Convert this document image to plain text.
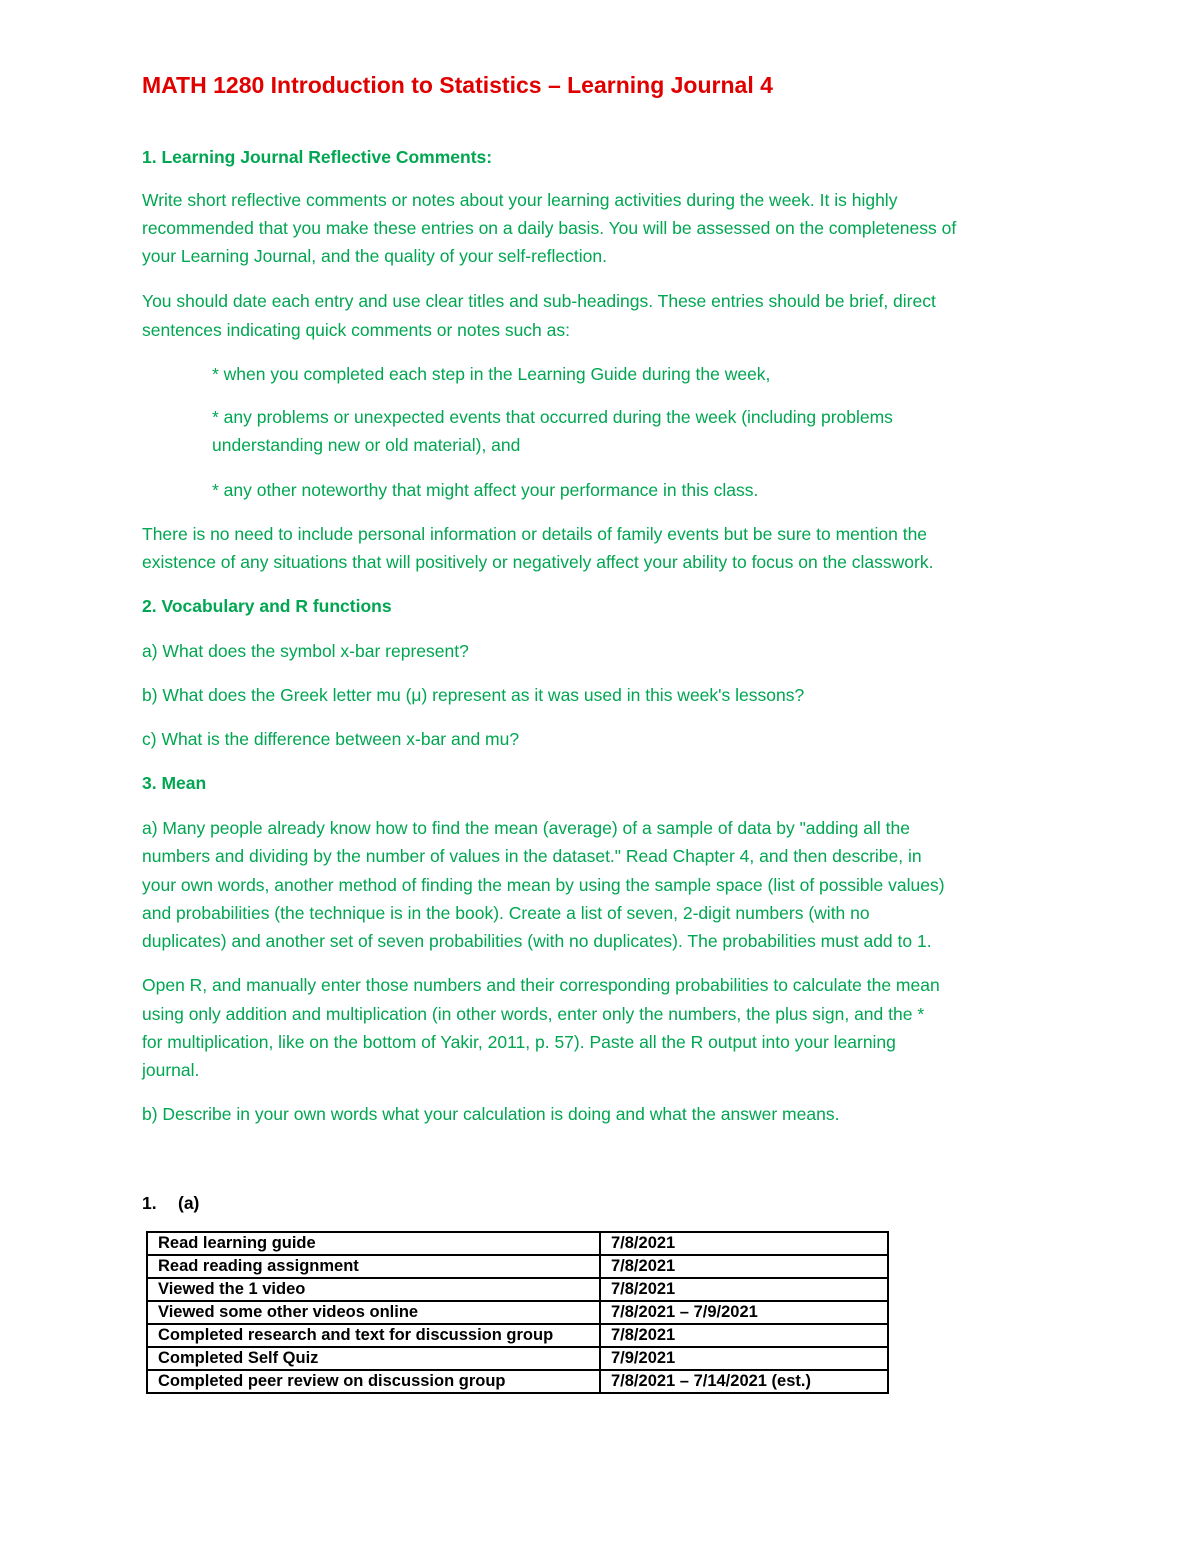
MATH 1280 Introduction to Statistics – Learning Journal 4

1. Learning Journal Reflective Comments:

Write short reflective comments or notes about your learning activities during the week. It is highly

recommended that you make these entries on a daily basis. You will be assessed on the completeness of

your Learning Journal, and the quality of your self-reflection.

You should date each entry and use clear titles and sub-headings. These entries should be brief, direct

sentences indicating quick comments or notes such as:

* when you completed each step in the Learning Guide during the week,

* any problems or unexpected events that occurred during the week (including problems

understanding new or old material), and

* any other noteworthy that might affect your performance in this class.

There is no need to include personal information or details of family events but be sure to mention the

existence of any situations that will positively or negatively affect your ability to focus on the classwork.

2. Vocabulary and R functions

a) What does the symbol x-bar represent?

b) What does the Greek letter mu (μ) represent as it was used in this week's lessons?

c) What is the difference between x-bar and mu?

3. Mean

a) Many people already know how to find the mean (average) of a sample of data by "adding all the

numbers and dividing by the number of values in the dataset." Read Chapter 4, and then describe, in

your own words, another method of finding the mean by using the sample space (list of possible values)

and probabilities (the technique is in the book). Create a list of seven, 2-digit numbers (with no

duplicates) and another set of seven probabilities (with no duplicates). The probabilities must add to 1.

Open R, and manually enter those numbers and their corresponding probabilities to calculate the mean

using only addition and multiplication (in other words, enter only the numbers, the plus sign, and the *

for multiplication, like on the bottom of Yakir, 2011, p. 57). Paste all the R output into your learning

journal.

b) Describe in your own words what your calculation is doing and what the answer means.

1. (a)

Read learning guide	7/8/2021
Read reading assignment	7/8/2021
Viewed the 1 video	7/8/2021
Viewed some other videos online	7/8/2021 – 7/9/2021
Completed research and text for discussion group	7/8/2021
Completed Self Quiz	7/9/2021
Completed peer review on discussion group	7/8/2021 – 7/14/2021 (est.)
